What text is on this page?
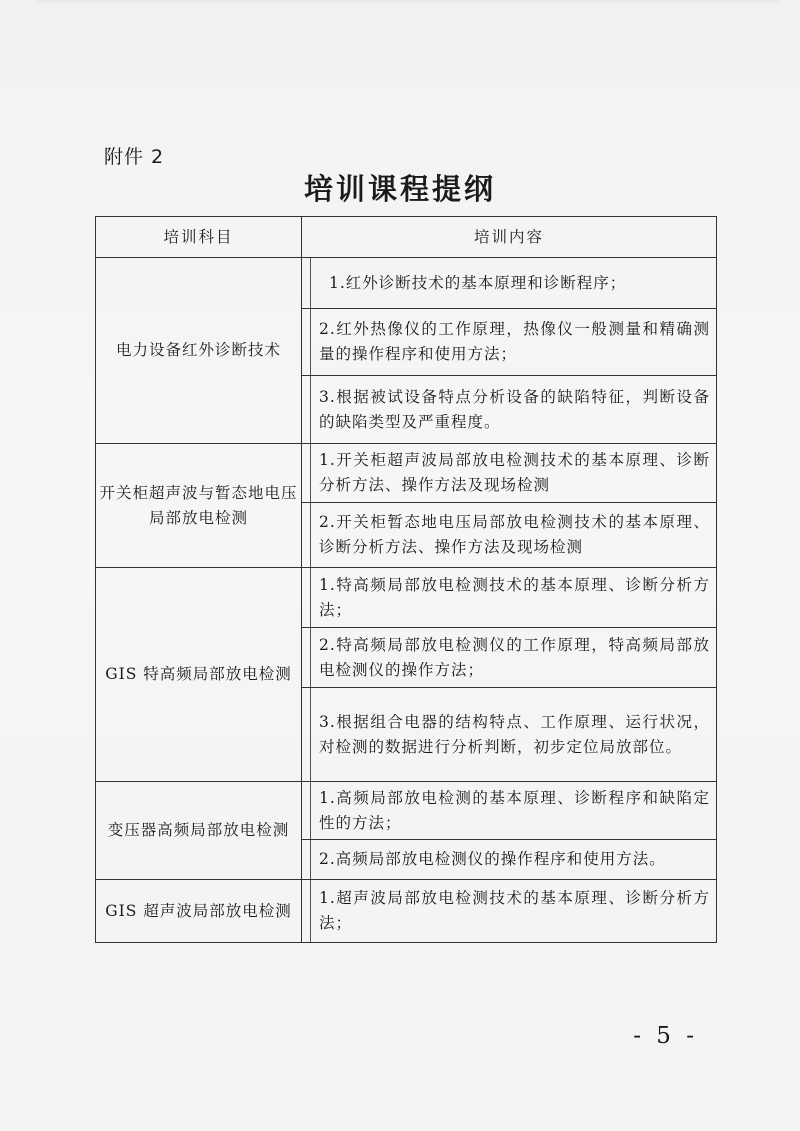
附件 2
培训课程提纲
培训科目	培训内容
电力设备红外诊断技术	1.红外诊断技术的基本原理和诊断程序；

	2.红外热像仪的工作原理，热像仪一般测量和精确测量的操作程序和使用方法；

	3.根据被试设备特点分析设备的缺陷特征，判断设备的缺陷类型及严重程度。

开关柜超声波与暂态地电压局部放电检测	1.开关柜超声波局部放电检测技术的基本原理、诊断分析方法、操作方法及现场检测

	2.开关柜暂态地电压局部放电检测技术的基本原理、诊断分析方法、操作方法及现场检测

GIS 特高频局部放电检测	1.特高频局部放电检测技术的基本原理、诊断分析方法；

	2.特高频局部放电检测仪的工作原理，特高频局部放电检测仪的操作方法；

	3.根据组合电器的结构特点、工作原理、运行状况，对检测的数据进行分析判断，初步定位局放部位。

变压器高频局部放电检测	1.高频局部放电检测的基本原理、诊断程序和缺陷定性的方法；

	2.高频局部放电检测仪的操作程序和使用方法。

GIS 超声波局部放电检测	1.超声波局部放电检测技术的基本原理、诊断分析方法；
- 5 -
